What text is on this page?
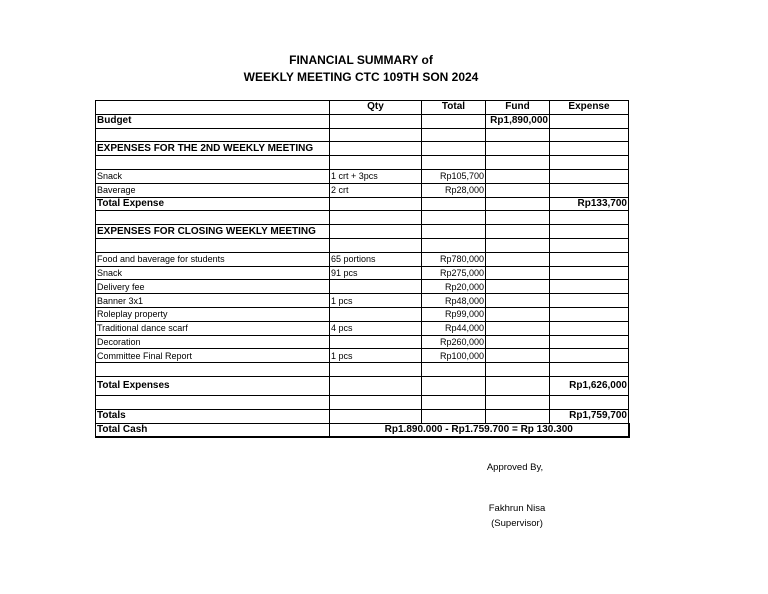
FINANCIAL SUMMARY of
WEEKLY MEETING CTC 109TH SON 2024
	Qty	Total	Fund	Expense
Budget			Rp1,890,000	

EXPENSES FOR THE 2ND WEEKLY MEETING				

Snack	1 crt + 3pcs	Rp105,700		
Baverage	2 crt	Rp28,000		
Total Expense				Rp133,700

EXPENSES FOR CLOSING WEEKLY MEETING				

Food and baverage for students	65 portions	Rp780,000		
Snack	91 pcs	Rp275,000		
Delivery fee		Rp20,000		
Banner 3x1	1 pcs	Rp48,000		
Roleplay property		Rp99,000		
Traditional dance scarf	4 pcs	Rp44,000		
Decoration		Rp260,000		
Committee Final Report	1 pcs	Rp100,000		

Total Expenses				Rp1,626,000

Totals				Rp1,759,700
Total Cash	Rp1.890.000 - Rp1.759.700 = Rp 130.300			
Approved By,
Fakhrun Nisa
(Supervisor)
